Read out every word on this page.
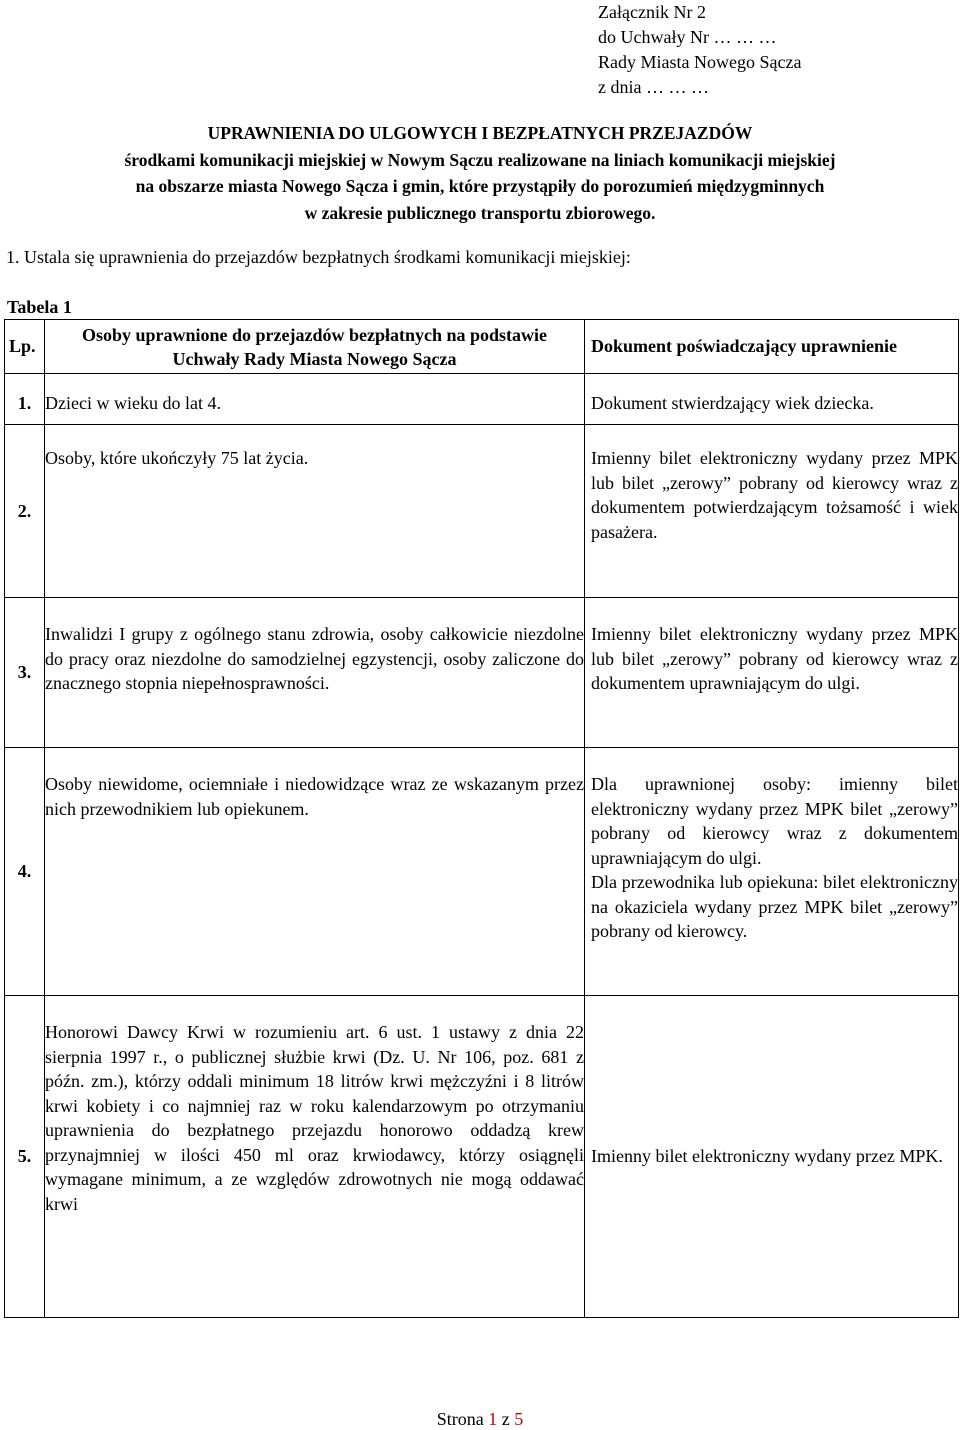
Załącznik Nr 2
do Uchwały Nr … … …
Rady Miasta Nowego Sącza
z dnia … … …
UPRAWNIENIA DO ULGOWYCH I BEZPŁATNYCH PRZEJAZDÓW
środkami komunikacji miejskiej w Nowym Sączu realizowane na liniach komunikacji miejskiej
na obszarze miasta Nowego Sącza i gmin, które przystąpiły do porozumień międzygminnych
w zakresie publicznego transportu zbiorowego.
1. Ustala się uprawnienia do przejazdów bezpłatnych środkami komunikacji miejskiej:
Tabela 1
Lp.	Osoby uprawnione do przejazdów bezpłatnych na podstawie Uchwały Rady Miasta Nowego Sącza	Dokument poświadczający uprawnienie
1.	Dzieci w wieku do lat 4.	Dokument stwierdzający wiek dziecka.
2.	Osoby, które ukończyły 75 lat życia.	Imienny bilet elektroniczny wydany przez MPK lub bilet „zerowy” pobrany od kierowcy wraz z dokumentem potwierdzającym tożsamość i wiek pasażera.
3.	Inwalidzi I grupy z ogólnego stanu zdrowia, osoby całkowicie niezdolne do pracy oraz niezdolne do samodzielnej egzystencji, osoby zaliczone do znacznego stopnia niepełnosprawności.	Imienny bilet elektroniczny wydany przez MPK lub bilet „zerowy” pobrany od kierowcy wraz z dokumentem uprawniającym do ulgi.
4.	Osoby niewidome, ociemniałe i niedowidzące wraz ze wskazanym przez nich przewodnikiem lub opiekunem.	Dla uprawnionej osoby: imienny bilet elektroniczny wydany przez MPK bilet „zerowy” pobrany od kierowcy wraz z dokumentem uprawniającym do ulgi.
Dla przewodnika lub opiekuna: bilet elektroniczny na okaziciela wydany przez MPK bilet „zerowy” pobrany od kierowcy.

5.	Honorowi Dawcy Krwi w rozumieniu art. 6 ust. 1 ustawy z dnia 22 sierpnia 1997 r., o publicznej służbie krwi (Dz. U. Nr 106, poz. 681 z późn. zm.), którzy oddali minimum 18 litrów krwi mężczyźni i 8 litrów krwi kobiety i co najmniej raz w roku kalendarzowym po otrzymaniu uprawnienia do bezpłatnego przejazdu honorowo oddadzą krew przynajmniej w ilości 450 ml oraz krwiodawcy, którzy osiągnęli wymagane minimum, a ze względów zdrowotnych nie mogą oddawać krwi	Imienny bilet elektroniczny wydany przez MPK.
Strona 1 z 5
